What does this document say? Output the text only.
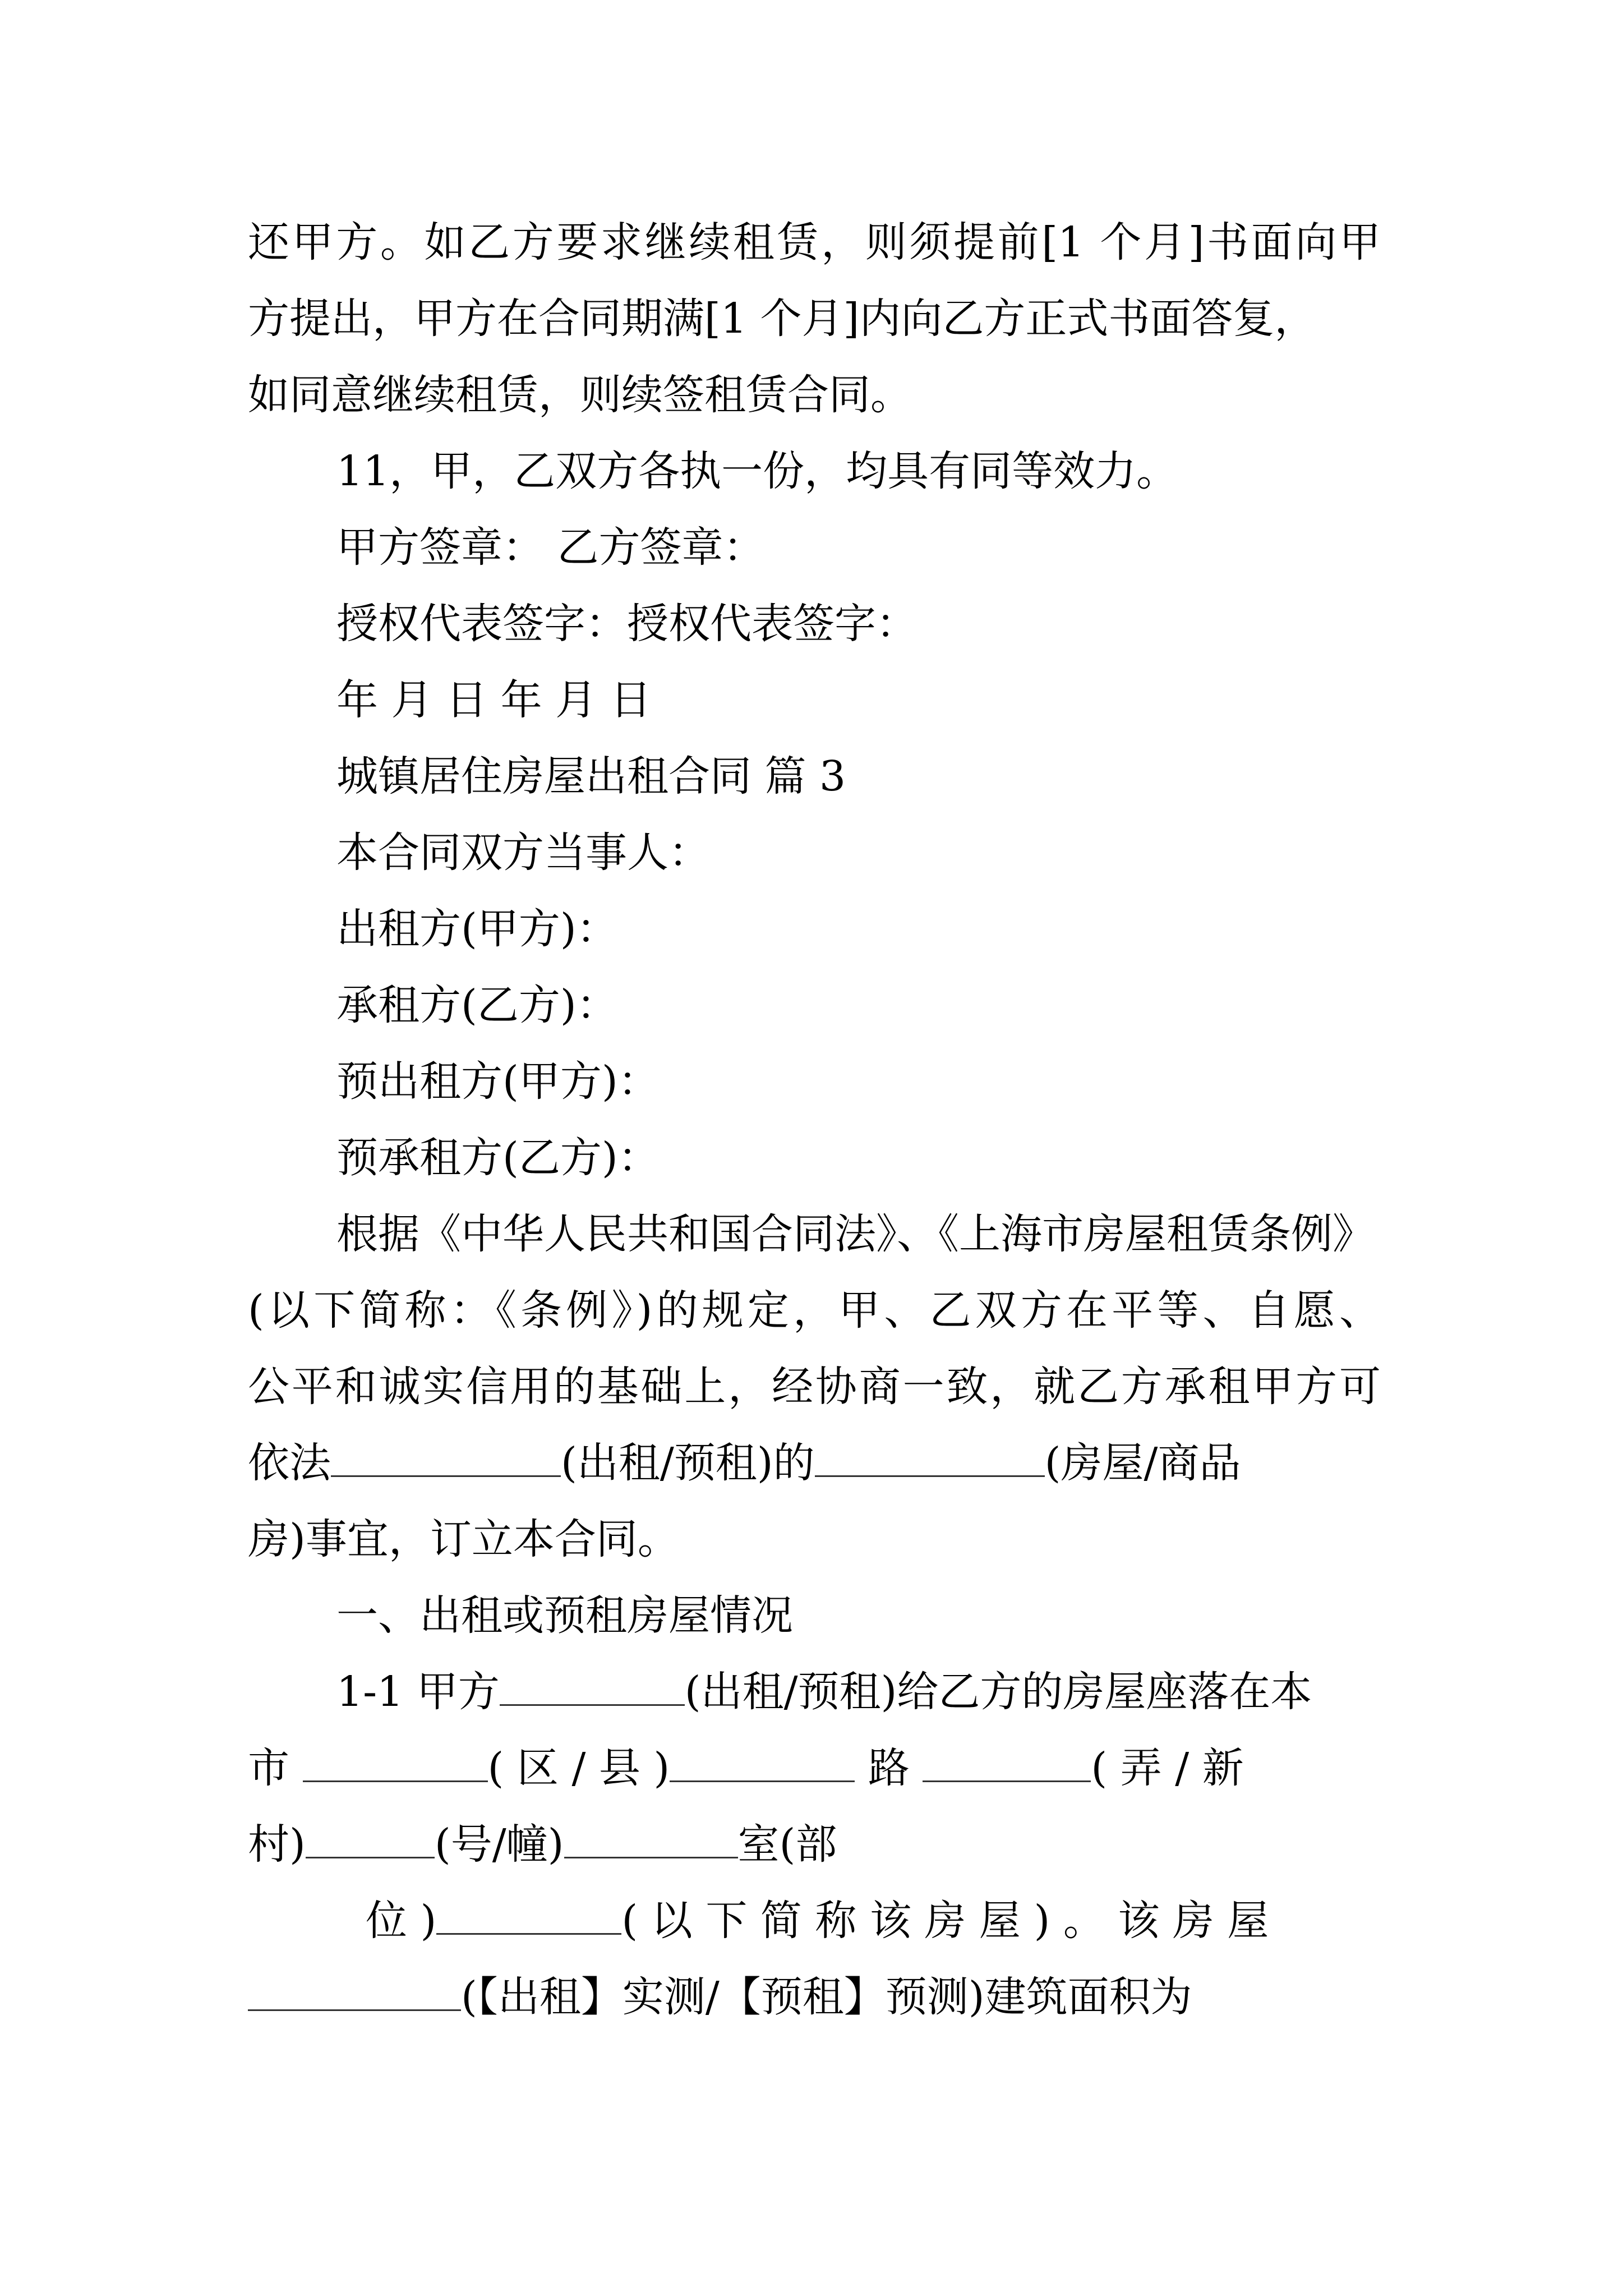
还甲方。如乙方要求继续租赁，则须提前[1 个月]书面向甲
方提出，甲方在合同期满[1 个月]内向乙方正式书面答复，
如同意继续租赁，则续签租赁合同。
11，甲，乙双方各执一份，均具有同等效力。
甲方签章： 乙方签章：
授权代表签字：授权代表签字：
年 月 日 年 月 日
城镇居住房屋出租合同 篇 3
本合同双方当事人：
出租方(甲方)：
承租方(乙方)：
预出租方(甲方)：
预承租方(乙方)：
根据《中华人民共和国合同法》、《上海市房屋租赁条例》
(以下简称：《条例》)的规定，甲、乙双方在平等、自愿、
公平和诚实信用的基础上，经协商一致，就乙方承租甲方可
依法	(出租/预租)的	(房屋/商品
房)事宜，订立本合同。
一、出租或预租房屋情况
1-1 甲方	(出租/预租)给乙方的房屋座落在本
市	( 区 / 县 )	路	( 弄 / 新
村)	(号/幢)	室(部
位 )	( 以 下 简 称 该 房 屋 ) 。 该 房 屋
(【出租】实测/【预租】预测)建筑面积为
